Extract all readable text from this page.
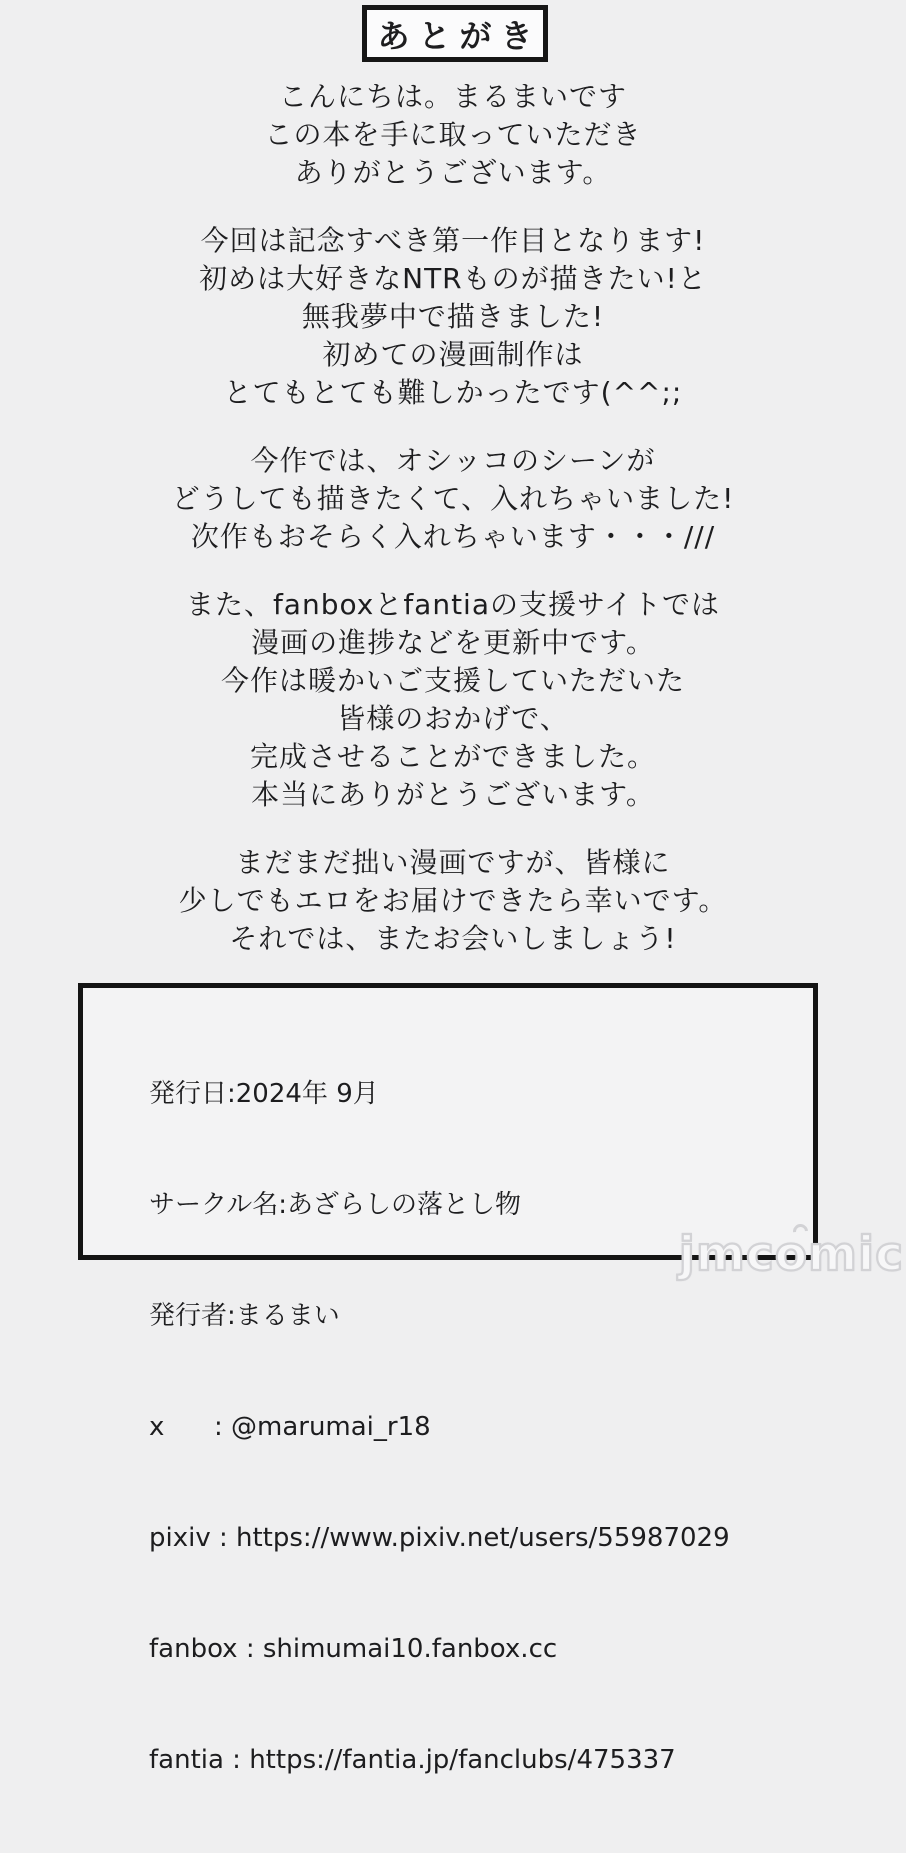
あとがき
こんにちは。まるまいです
この本を手に取っていただき
ありがとうございます。
今回は記念すべき第一作目となります!
初めは大好きなNTRものが描きたい!と
無我夢中で描きました!
初めての漫画制作は
とてもとても難しかったです(^^;;
今作では、オシッコのシーンが
どうしても描きたくて、入れちゃいました!
次作もおそらく入れちゃいます・・・///
また、fanboxとfantiaの支援サイトでは
漫画の進捗などを更新中です。
今作は暖かいご支援していただいた
皆様のおかげで、
完成させることができました。
本当にありがとうございます。
まだまだ拙い漫画ですが、皆様に
少しでもエロをお届けできたら幸いです。
それでは、またお会いしましょう!

発行日:2024年 9月

サークル名:あざらしの落とし物

発行者:まるまい

x      : @marumai_r18

pixiv : https://www.pixiv.net/users/55987029

fanbox : shimumai10.fanbox.cc

fantia : https://fantia.jp/fanclubs/475337

jmcomic
